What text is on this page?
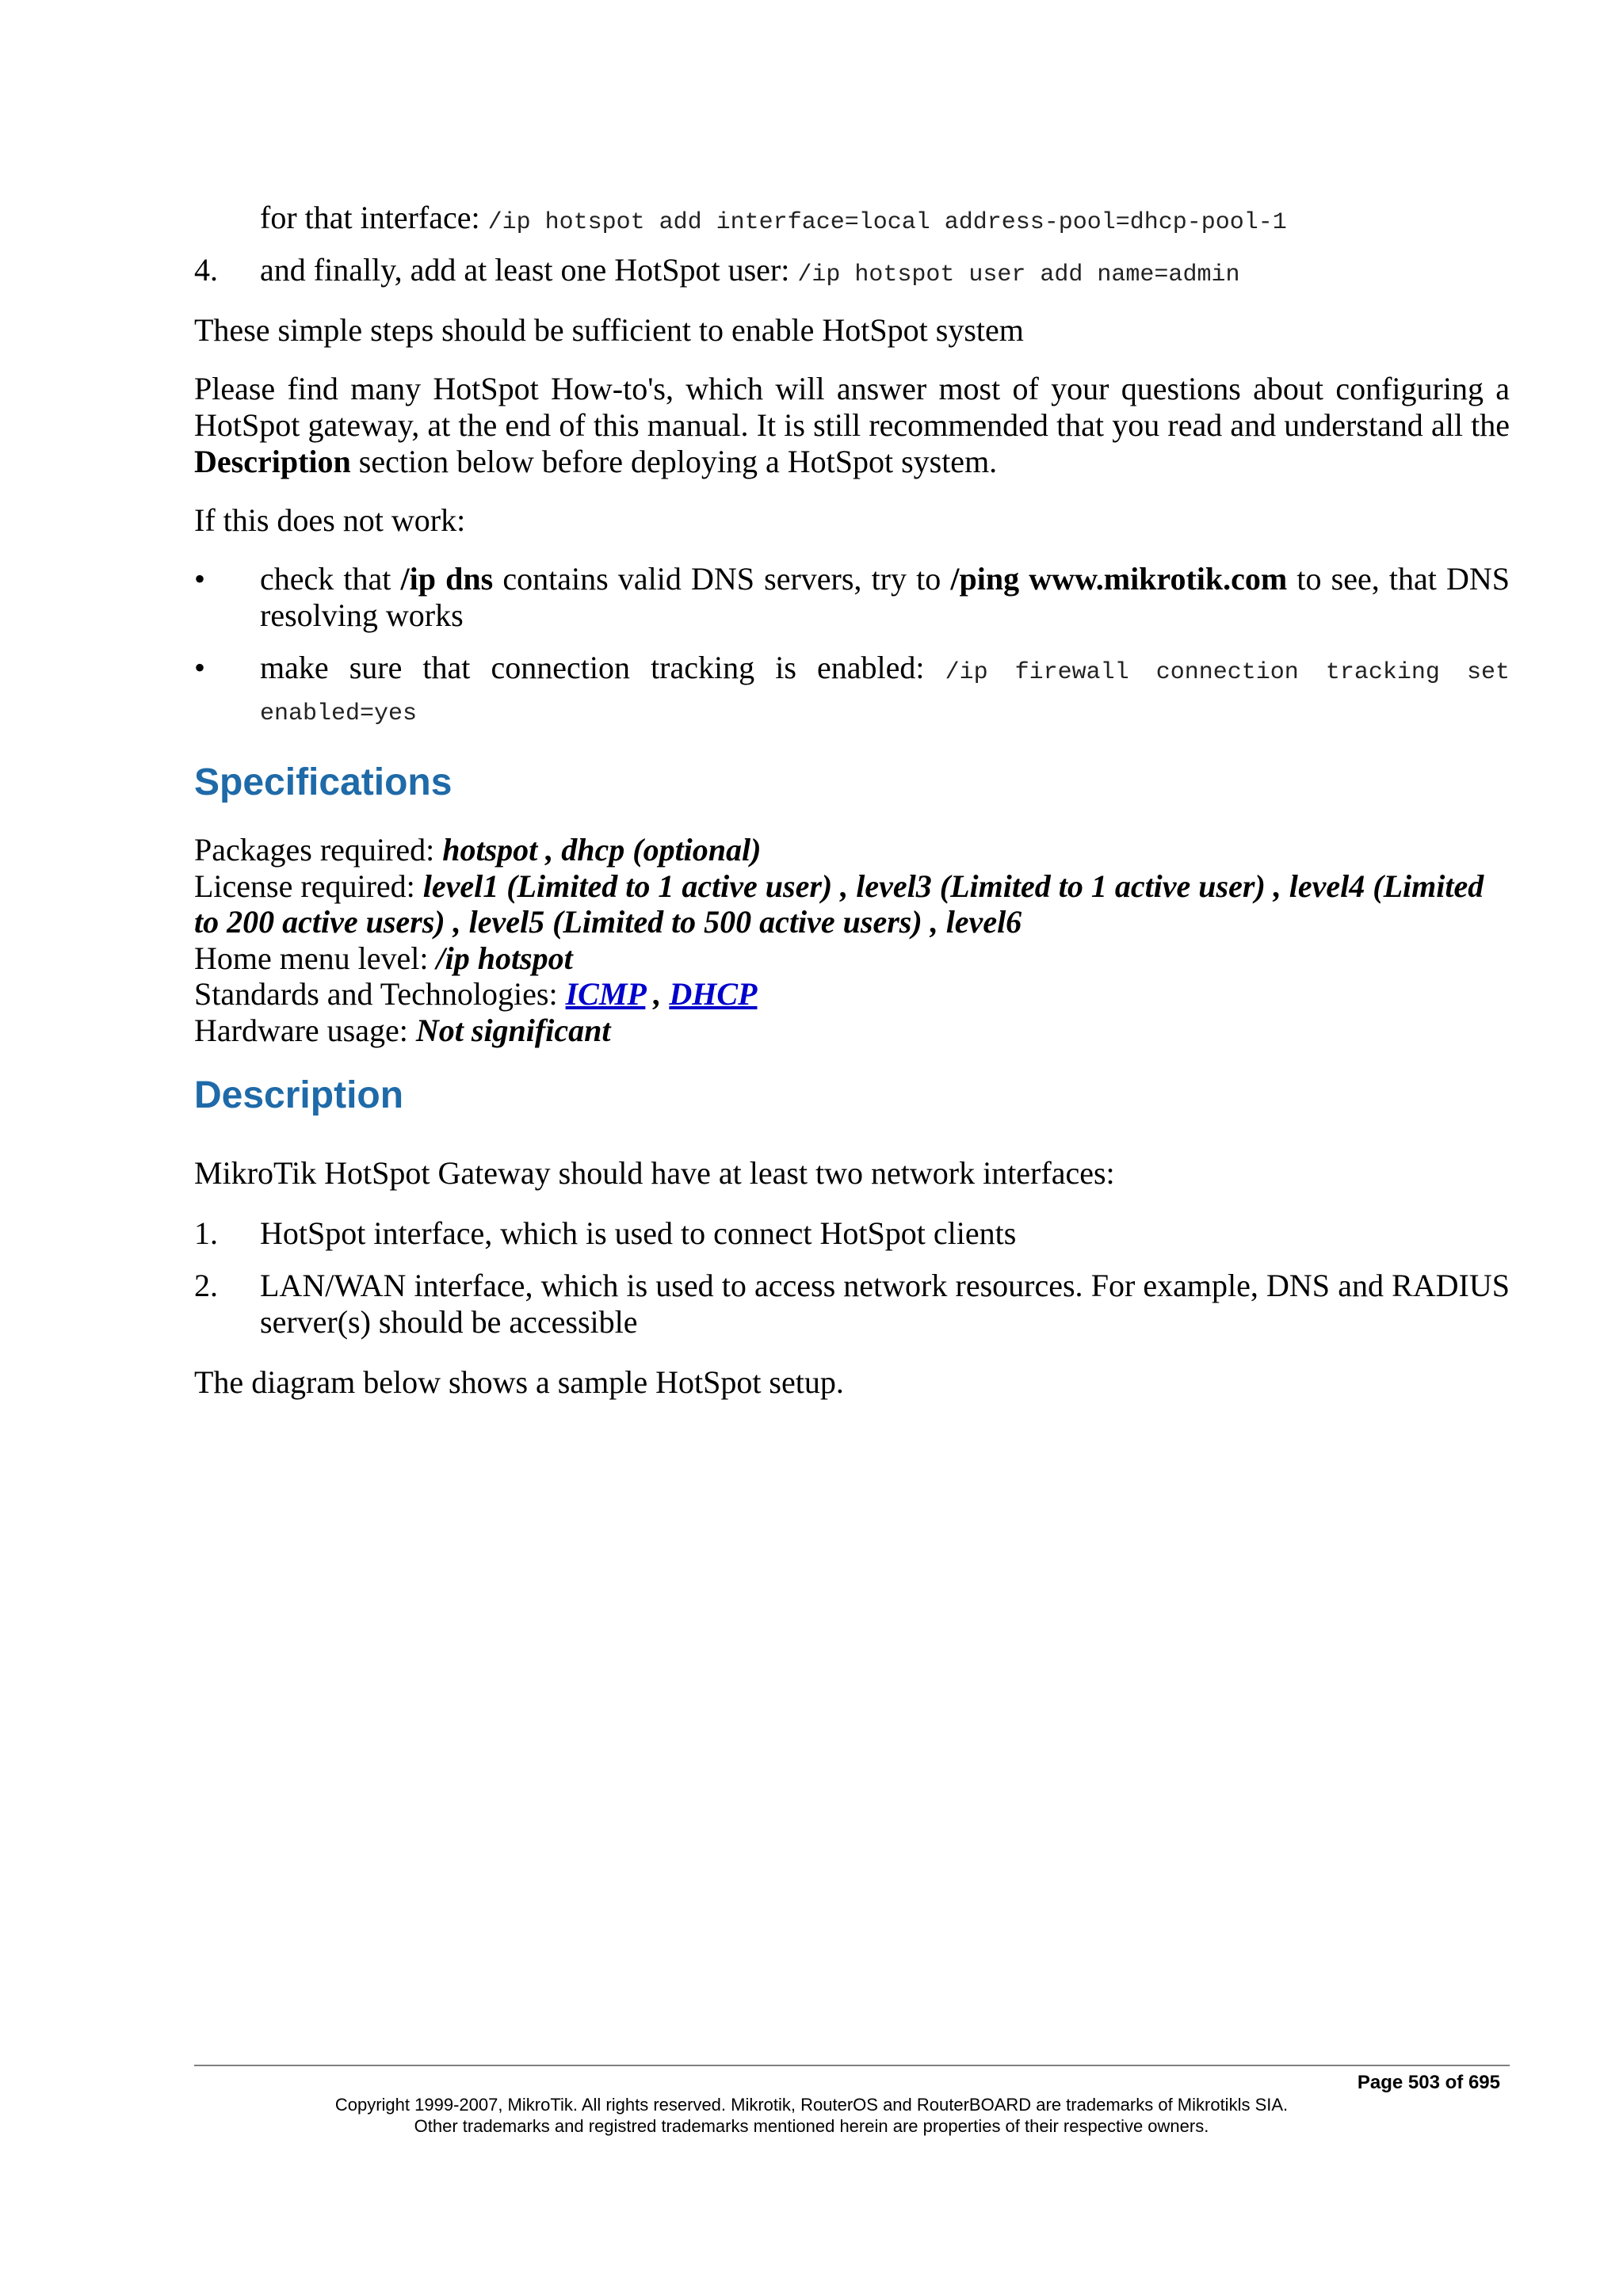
for that interface: /ip hotspot add interface=local address-pool=dhcp-pool-1
4.	and finally, add at least one HotSpot user: /ip hotspot user add name=admin
These simple steps should be sufficient to enable HotSpot system
Please find many HotSpot How-to's, which will answer most of your questions about configuring a HotSpot gateway, at the end of this manual. It is still recommended that you read and understand all the Description section below before deploying a HotSpot system.
If this does not work:
•	check that /ip dns contains valid DNS servers, try to /ping www.mikrotik.com to see, that DNS resolving works
•	make sure that connection tracking is enabled: /ip firewall connection tracking set enabled=yes
Specifications
Packages required: hotspot , dhcp (optional)
License required: level1 (Limited to 1 active user) , level3 (Limited to 1 active user) , level4 (Limited to 200 active users) , level5 (Limited to 500 active users) , level6
Home menu level: /ip hotspot
Standards and Technologies: ICMP , DHCP
Hardware usage: Not significant
Description
MikroTik HotSpot Gateway should have at least two network interfaces:
1.	HotSpot interface, which is used to connect HotSpot clients
2.	LAN/WAN interface, which is used to access network resources. For example, DNS and RADIUS server(s) should be accessible
The diagram below shows a sample HotSpot setup.
Page 503 of 695
Copyright 1999-2007, MikroTik. All rights reserved. Mikrotik, RouterOS and RouterBOARD are trademarks of Mikrotikls SIA.
Other trademarks and registred trademarks mentioned herein are properties of their respective owners.
